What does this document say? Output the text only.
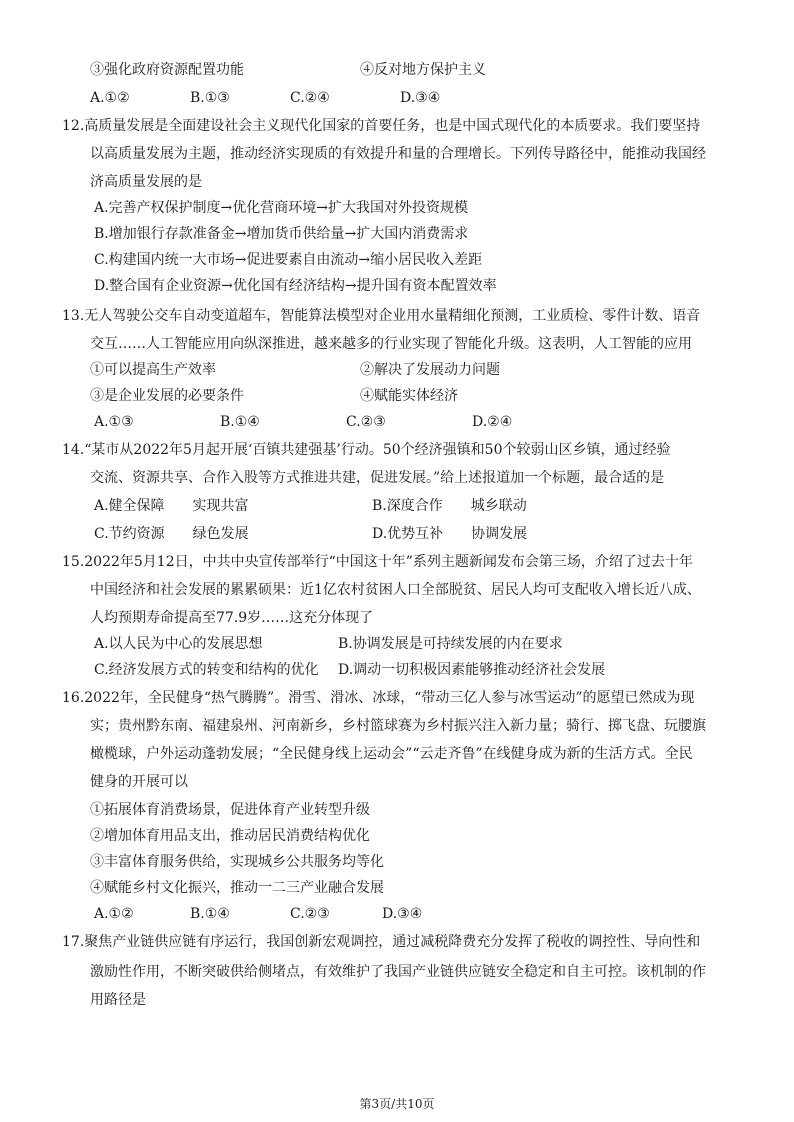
③强化政府资源配置功能	④反对地方保护主义
A.①②	B.①③	C.②④	D.③④
12.高质量发展是全面建设社会主义现代化国家的首要任务，也是中国式现代化的本质要求。我们要坚持
以高质量发展为主题，推动经济实现质的有效提升和量的合理增长。下列传导路径中，能推动我国经
济高质量发展的是
A.完善产权保护制度→优化营商环境→扩大我国对外投资规模
B.增加银行存款准备金→增加货币供给量→扩大国内消费需求
C.构建国内统一大市场→促进要素自由流动→缩小居民收入差距
D.整合国有企业资源→优化国有经济结构→提升国有资本配置效率
13.无人驾驶公交车自动变道超车，智能算法模型对企业用水量精细化预测，工业质检、零件计数、语音
交互……人工智能应用向纵深推进，越来越多的行业实现了智能化升级。这表明，人工智能的应用
①可以提高生产效率	②解决了发展动力问题
③是企业发展的必要条件	④赋能实体经济
A.①③	B.①④	C.②③	D.②④
14.“某市从2022年5月起开展‘百镇共建强基’行动。50个经济强镇和50个较弱山区乡镇，通过经验
交流、资源共享、合作入股等方式推进共建，促进发展。”给上述报道加一个标题，最合适的是
A.健全保障　　实现共富	B.深度合作　　城乡联动
C.节约资源　　绿色发展	D.优势互补　　协调发展
15.2022年5月12日，中共中央宣传部举行“中国这十年”系列主题新闻发布会第三场，介绍了过去十年
中国经济和社会发展的累累硕果：近1亿农村贫困人口全部脱贫、居民人均可支配收入增长近八成、
人均预期寿命提高至77.9岁……这充分体现了
A.以人民为中心的发展思想	B.协调发展是可持续发展的内在要求
C.经济发展方式的转变和结构的优化 D.调动一切积极因素能够推动经济社会发展
16.2022年，全民健身“热气腾腾”。滑雪、滑冰、冰球，“带动三亿人参与冰雪运动”的愿望已然成为现
实；贵州黔东南、福建泉州、河南新乡，乡村篮球赛为乡村振兴注入新力量；骑行、掷飞盘、玩腰旗
橄榄球，户外运动蓬勃发展；“全民健身线上运动会”“云走齐鲁”在线健身成为新的生活方式。全民
健身的开展可以
①拓展体育消费场景，促进体育产业转型升级
②增加体育用品支出，推动居民消费结构优化
③丰富体育服务供给，实现城乡公共服务均等化
④赋能乡村文化振兴，推动一二三产业融合发展
A.①②	B.①④	C.②③	D.③④
17.聚焦产业链供应链有序运行，我国创新宏观调控，通过减税降费充分发挥了税收的调控性、导向性和
激励性作用，不断突破供给侧堵点，有效维护了我国产业链供应链安全稳定和自主可控。该机制的作
用路径是
第3页/共10页
